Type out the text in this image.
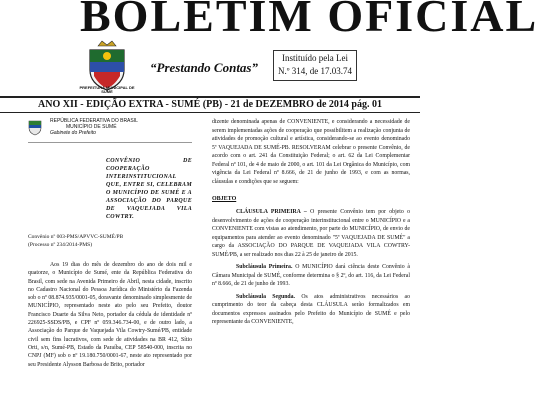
BOLETIM OFICIAL
PREFEITURA MUNICIPAL DE SUMÉ
“Prestando Contas”
Instituído pela Lei
N.º 314, de 17.03.74
ANO XII - EDIÇÃO EXTRA - SUMÉ (PB) - 21 de DEZEMBRO de 2014 pág. 01
REPÚBLICA FEDERATIVA DO BRASIL
MUNICÍPIO DE SUMÉ
Gabinete do Prefeito
CONVÊNIO DE COOPERAÇÃO INTERINSTITUCIONAL QUE, ENTRE SI, CELEBRAM O MUNICÍPIO DE SUMÉ E A ASSOCIAÇÃO DO PARQUE DE VAQUEJADA VILA COWTRY.

Convênio nº 003-PMS/APVVC-SUMÉ/PB

(Processo nº 234/2014-PMS)

Aos 19 dias do mês de dezembro do ano de dois mil e quatorze, o Município de Sumé, ente da República Federativa do Brasil, com sede na Avenida Primeiro de Abril, nesta cidade, inscrito no Cadastro Nacional do Pessoa Jurídica do Ministério da Fazenda sob o nº 08.874.935/0001-05, doravante denominado simplesmente de MUNICÍPIO, representado neste ato pelo seu Prefeito, doutor Francisco Duarte da Silva Neto, portador da cédula de identidade nº 226925-SSDS/PB, e CPF nº 059.346.734-00, e de outro lado, a Associação do Parque de Vaquejada Vila Cowtry-Sumé/PB, entidade civil sem fins lucrativos, com sede de atividades na BR 412, Sítio Orti, s/n, Sumé-PB, Estado da Paraíba, CEP 58540-000, inscrita no CNPJ (MF) sob o nº 19.180.750/0001-67, neste ato representado por seu Presidente Alysson Barbosa de Brito, portador

dizente denominada apenas de CONVENIENTE, e considerando a necessidade de serem implementadas ações de cooperação que possibilitem a realização conjunta de atividades de promoção cultural e artística, considerando-se ao evento denominado 5ª VAQUEJADA DE SUMÉ-PB. RESOLVERAM celebrar o presente Convênio, de acordo com o art. 241 da Constituição Federal; o art. 62 da Lei Complementar Federal nº 101, de 4 de maio de 2000, o art. 101 da Lei Orgânica do Município, com vigência da Lei Federal nº 8.666, de 21 de junho de 1993, e com as normas, cláusulas e condições que se seguem:

OBJETO

CLÁUSULA PRIMEIRA – O presente Convênio tem por objeto o desenvolvimento de ações de cooperação interinstitucional entre o MUNICÍPIO e a CONVENIENTE com vistas ao atendimento, por parte do MUNICÍPIO, de envio de equipamentos para atender ao evento denominado "5ª VAQUEJADA DE SUMÉ" a cargo da ASSOCIAÇÃO DO PARQUE DE VAQUEJADA VILA COWTRY-SUMÉ/PB, a ser realizado nos dias 22 à 25 de janeiro de 2015.

Subcláusula Primeira. O MUNICÍPIO dará ciência deste Convênio à Câmara Municipal de SUMÉ, conforme determina o § 2º, do art. 116, da Lei Federal nº 8.666, de 21 de junho de 1993.

Subcláusula Segunda. Os atos administrativos necessários ao cumprimento do teor da cabeça desta CLÁUSULA serão formalizados em documentos expressos assinados pelo Prefeito do Município de SUMÉ e pelo representante da CONVENIENTE,
